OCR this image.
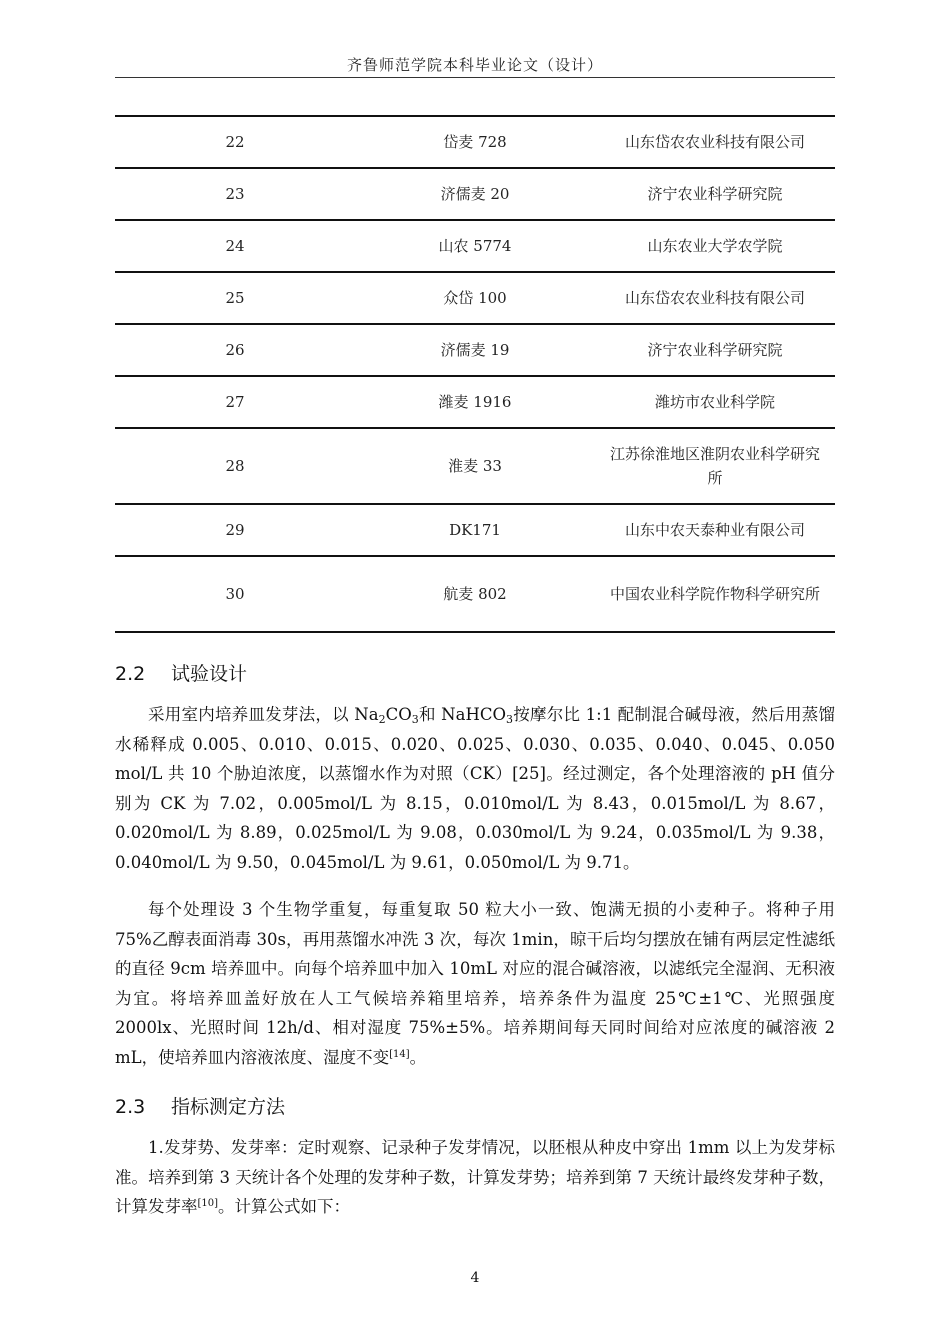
齐鲁师范学院本科毕业论文（设计）
22	岱麦 728	山东岱农农业科技有限公司
23	济儒麦 20	济宁农业科学研究院
24	山农 5774	山东农业大学农学院
25	众岱 100	山东岱农农业科技有限公司
26	济儒麦 19	济宁农业科学研究院
27	潍麦 1916	潍坊市农业科学院
28	淮麦 33	江苏徐淮地区淮阴农业科学研究所
29	DK171	山东中农天泰种业有限公司
30	航麦 802	中国农业科学院作物科学研究所
2.2 试验设计

采用室内培养皿发芽法，以 $Na_2CO_3$和 NaHCO$_3$按摩尔比 1:1 配制混合碱母液，然后用蒸馏水稀释成 0.005、0.010、0.015、0.020、0.025、0.030、0.035、0.040、0.045、0.050 mol/L 共 10 个胁迫浓度，以蒸馏水作为对照（CK）[25]。经过测定，各个处理溶液的 pH 值分别为 CK 为 7.02，0.005mol/L 为 8.15，0.010mol/L 为 8.43，0.015mol/L 为 8.67，0.020mol/L 为 8.89，0.025mol/L 为 9.08，0.030mol/L 为 9.24，0.035mol/L 为 9.38，0.040mol/L 为 9.50，0.045mol/L 为 9.61，0.050mol/L 为 9.71。

每个处理设 3 个生物学重复，每重复取 50 粒大小一致、饱满无损的小麦种子。将种子用 75%乙醇表面消毒 30s，再用蒸馏水冲洗 3 次，每次 1min，晾干后均匀摆放在铺有两层定性滤纸的直径 9cm 培养皿中。向每个培养皿中加入 10mL 对应的混合碱溶液，以滤纸完全湿润、无积液为宜。将培养皿盖好放在人工气候培养箱里培养，培养条件为温度 25℃±1℃、光照强度 2000lx、光照时间 12h/d、相对湿度 75%±5%。培养期间每天同时间给对应浓度的碱溶液 2 mL，使培养皿内溶液浓度、湿度不变[14]。

2.3 指标测定方法

1.发芽势、发芽率：定时观察、记录种子发芽情况，以胚根从种皮中穿出 1mm 以上为发芽标准。培养到第 3 天统计各个处理的发芽种子数，计算发芽势；培养到第 7 天统计最终发芽种子数，计算发芽率[10]。计算公式如下：

4
